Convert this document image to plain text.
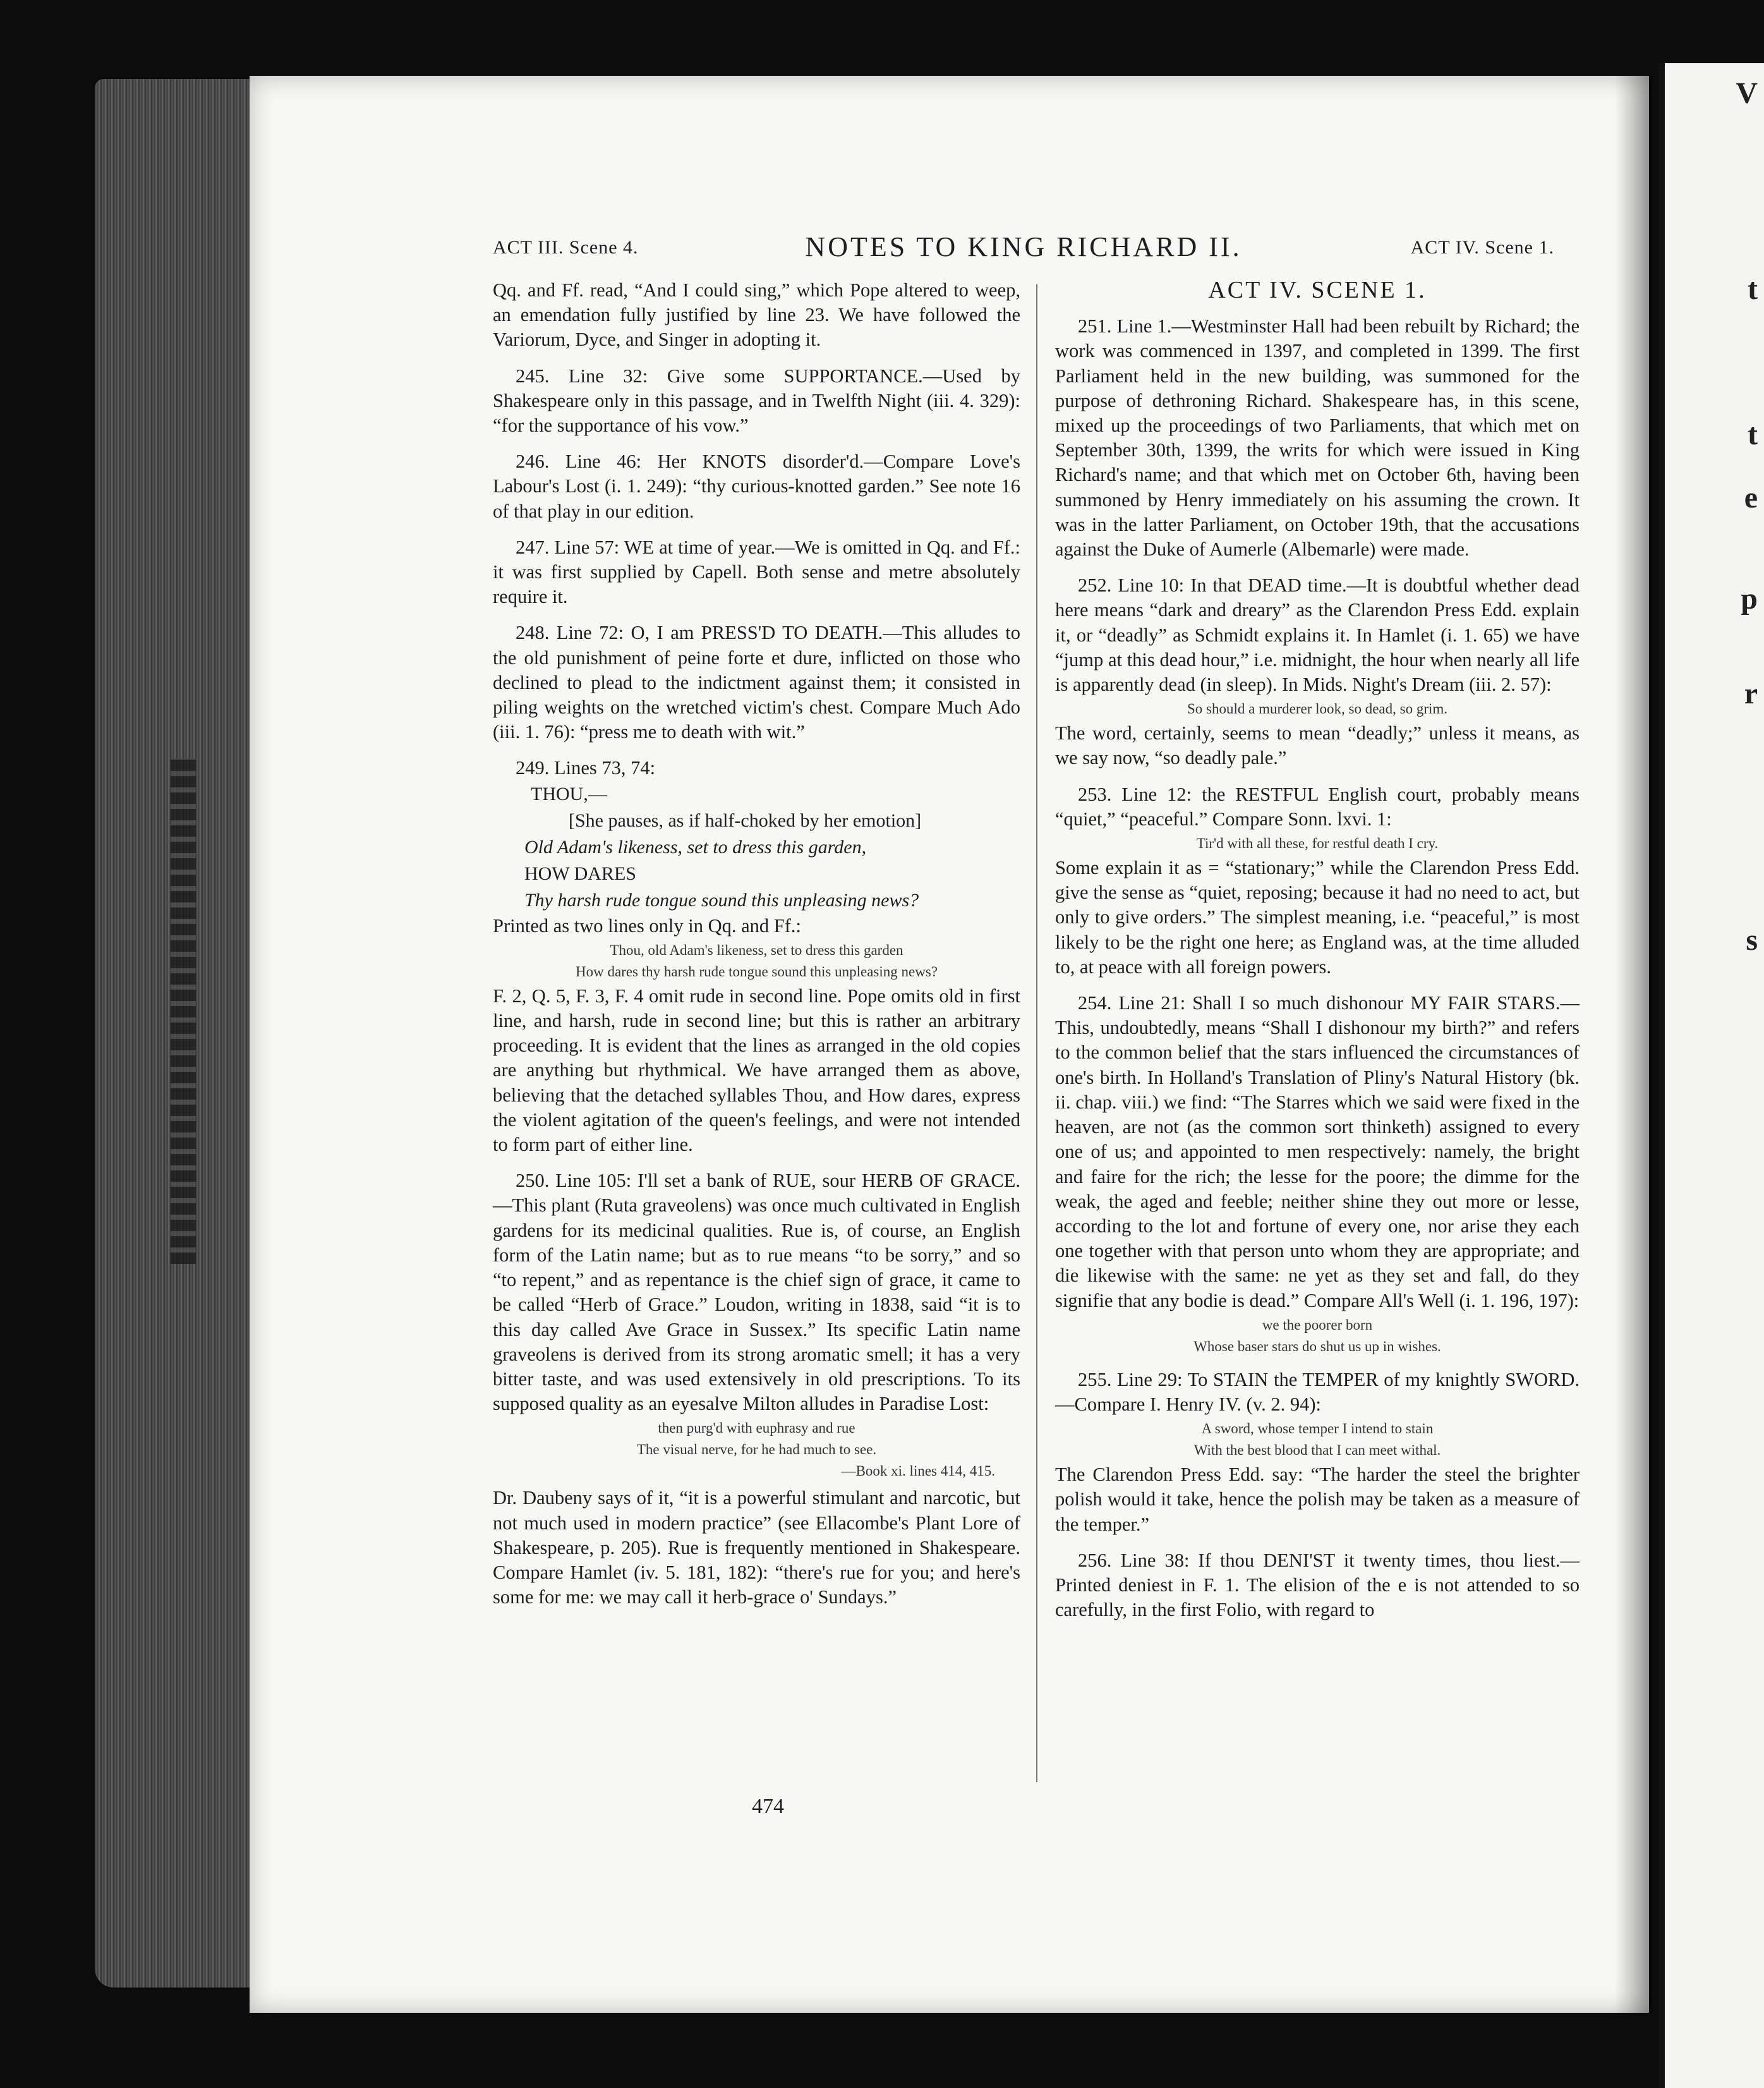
V
t
t
e
p
r
s
ACT III. Scene 4.	NOTES TO KING RICHARD II.	ACT IV. Scene 1.

Qq. and Ff. read, “And I could sing,” which Pope altered to weep, an emendation fully justified by line 23. We have followed the Variorum, Dyce, and Singer in adopting it.

245. Line 32: Give some SUPPORTANCE.—Used by Shakespeare only in this passage, and in Twelfth Night (iii. 4. 329): “for the supportance of his vow.”

246. Line 46: Her KNOTS disorder'd.—Compare Love's Labour's Lost (i. 1. 249): “thy curious-knotted garden.” See note 16 of that play in our edition.

247. Line 57: WE at time of year.—We is omitted in Qq. and Ff.: it was first supplied by Capell. Both sense and metre absolutely require it.

248. Line 72: O, I am PRESS'D TO DEATH.—This alludes to the old punishment of peine forte et dure, inflicted on those who declined to plead to the indictment against them; it consisted in piling weights on the wretched victim's chest. Compare Much Ado (iii. 1. 76): “press me to death with wit.”

249. Lines 73, 74:

THOU,—

[She pauses, as if half-choked by her emotion]

Old Adam's likeness, set to dress this garden,

HOW DARES

Thy harsh rude tongue sound this unpleasing news?

Printed as two lines only in Qq. and Ff.:

Thou, old Adam's likeness, set to dress this garden

How dares thy harsh rude tongue sound this unpleasing news?

F. 2, Q. 5, F. 3, F. 4 omit rude in second line. Pope omits old in first line, and harsh, rude in second line; but this is rather an arbitrary proceeding. It is evident that the lines as arranged in the old copies are anything but rhythmical. We have arranged them as above, believing that the detached syllables Thou, and How dares, express the violent agitation of the queen's feelings, and were not intended to form part of either line.

250. Line 105: I'll set a bank of RUE, sour HERB OF GRACE.—This plant (Ruta graveolens) was once much cultivated in English gardens for its medicinal qualities. Rue is, of course, an English form of the Latin name; but as to rue means “to be sorry,” and so “to repent,” and as repentance is the chief sign of grace, it came to be called “Herb of Grace.” Loudon, writing in 1838, said “it is to this day called Ave Grace in Sussex.” Its specific Latin name graveolens is derived from its strong aromatic smell; it has a very bitter taste, and was used extensively in old prescriptions. To its supposed quality as an eyesalve Milton alludes in Paradise Lost:

then purg'd with euphrasy and rue

The visual nerve, for he had much to see.

—Book xi. lines 414, 415.

Dr. Daubeny says of it, “it is a powerful stimulant and narcotic, but not much used in modern practice” (see Ellacombe's Plant Lore of Shakespeare, p. 205). Rue is frequently mentioned in Shakespeare. Compare Hamlet (iv. 5. 181, 182): “there's rue for you; and here's some for me: we may call it herb-grace o' Sundays.”

ACT IV. SCENE 1.

251. Line 1.—Westminster Hall had been rebuilt by Richard; the work was commenced in 1397, and completed in 1399. The first Parliament held in the new building, was summoned for the purpose of dethroning Richard. Shakespeare has, in this scene, mixed up the proceedings of two Parliaments, that which met on September 30th, 1399, the writs for which were issued in King Richard's name; and that which met on October 6th, having been summoned by Henry immediately on his assuming the crown. It was in the latter Parliament, on October 19th, that the accusations against the Duke of Aumerle (Albemarle) were made.

252. Line 10: In that DEAD time.—It is doubtful whether dead here means “dark and dreary” as the Clarendon Press Edd. explain it, or “deadly” as Schmidt explains it. In Hamlet (i. 1. 65) we have “jump at this dead hour,” i.e. midnight, the hour when nearly all life is apparently dead (in sleep). In Mids. Night's Dream (iii. 2. 57):

So should a murderer look, so dead, so grim.

The word, certainly, seems to mean “deadly;” unless it means, as we say now, “so deadly pale.”

253. Line 12: the RESTFUL English court, probably means “quiet,” “peaceful.” Compare Sonn. lxvi. 1:

Tir'd with all these, for restful death I cry.

Some explain it as = “stationary;” while the Clarendon Press Edd. give the sense as “quiet, reposing; because it had no need to act, but only to give orders.” The simplest meaning, i.e. “peaceful,” is most likely to be the right one here; as England was, at the time alluded to, at peace with all foreign powers.

254. Line 21: Shall I so much dishonour MY FAIR STARS.—This, undoubtedly, means “Shall I dishonour my birth?” and refers to the common belief that the stars influenced the circumstances of one's birth. In Holland's Translation of Pliny's Natural History (bk. ii. chap. viii.) we find: “The Starres which we said were fixed in the heaven, are not (as the common sort thinketh) assigned to every one of us; and appointed to men respectively: namely, the bright and faire for the rich; the lesse for the poore; the dimme for the weak, the aged and feeble; neither shine they out more or lesse, according to the lot and fortune of every one, nor arise they each one together with that person unto whom they are appropriate; and die likewise with the same: ne yet as they set and fall, do they signifie that any bodie is dead.” Compare All's Well (i. 1. 196, 197):

we the poorer born

Whose baser stars do shut us up in wishes.

255. Line 29: To STAIN the TEMPER of my knightly SWORD.—Compare I. Henry IV. (v. 2. 94):

A sword, whose temper I intend to stain

With the best blood that I can meet withal.

The Clarendon Press Edd. say: “The harder the steel the brighter polish would it take, hence the polish may be taken as a measure of the temper.”

256. Line 38: If thou DENI'ST it twenty times, thou liest.—Printed deniest in F. 1. The elision of the e is not attended to so carefully, in the first Folio, with regard to

474
